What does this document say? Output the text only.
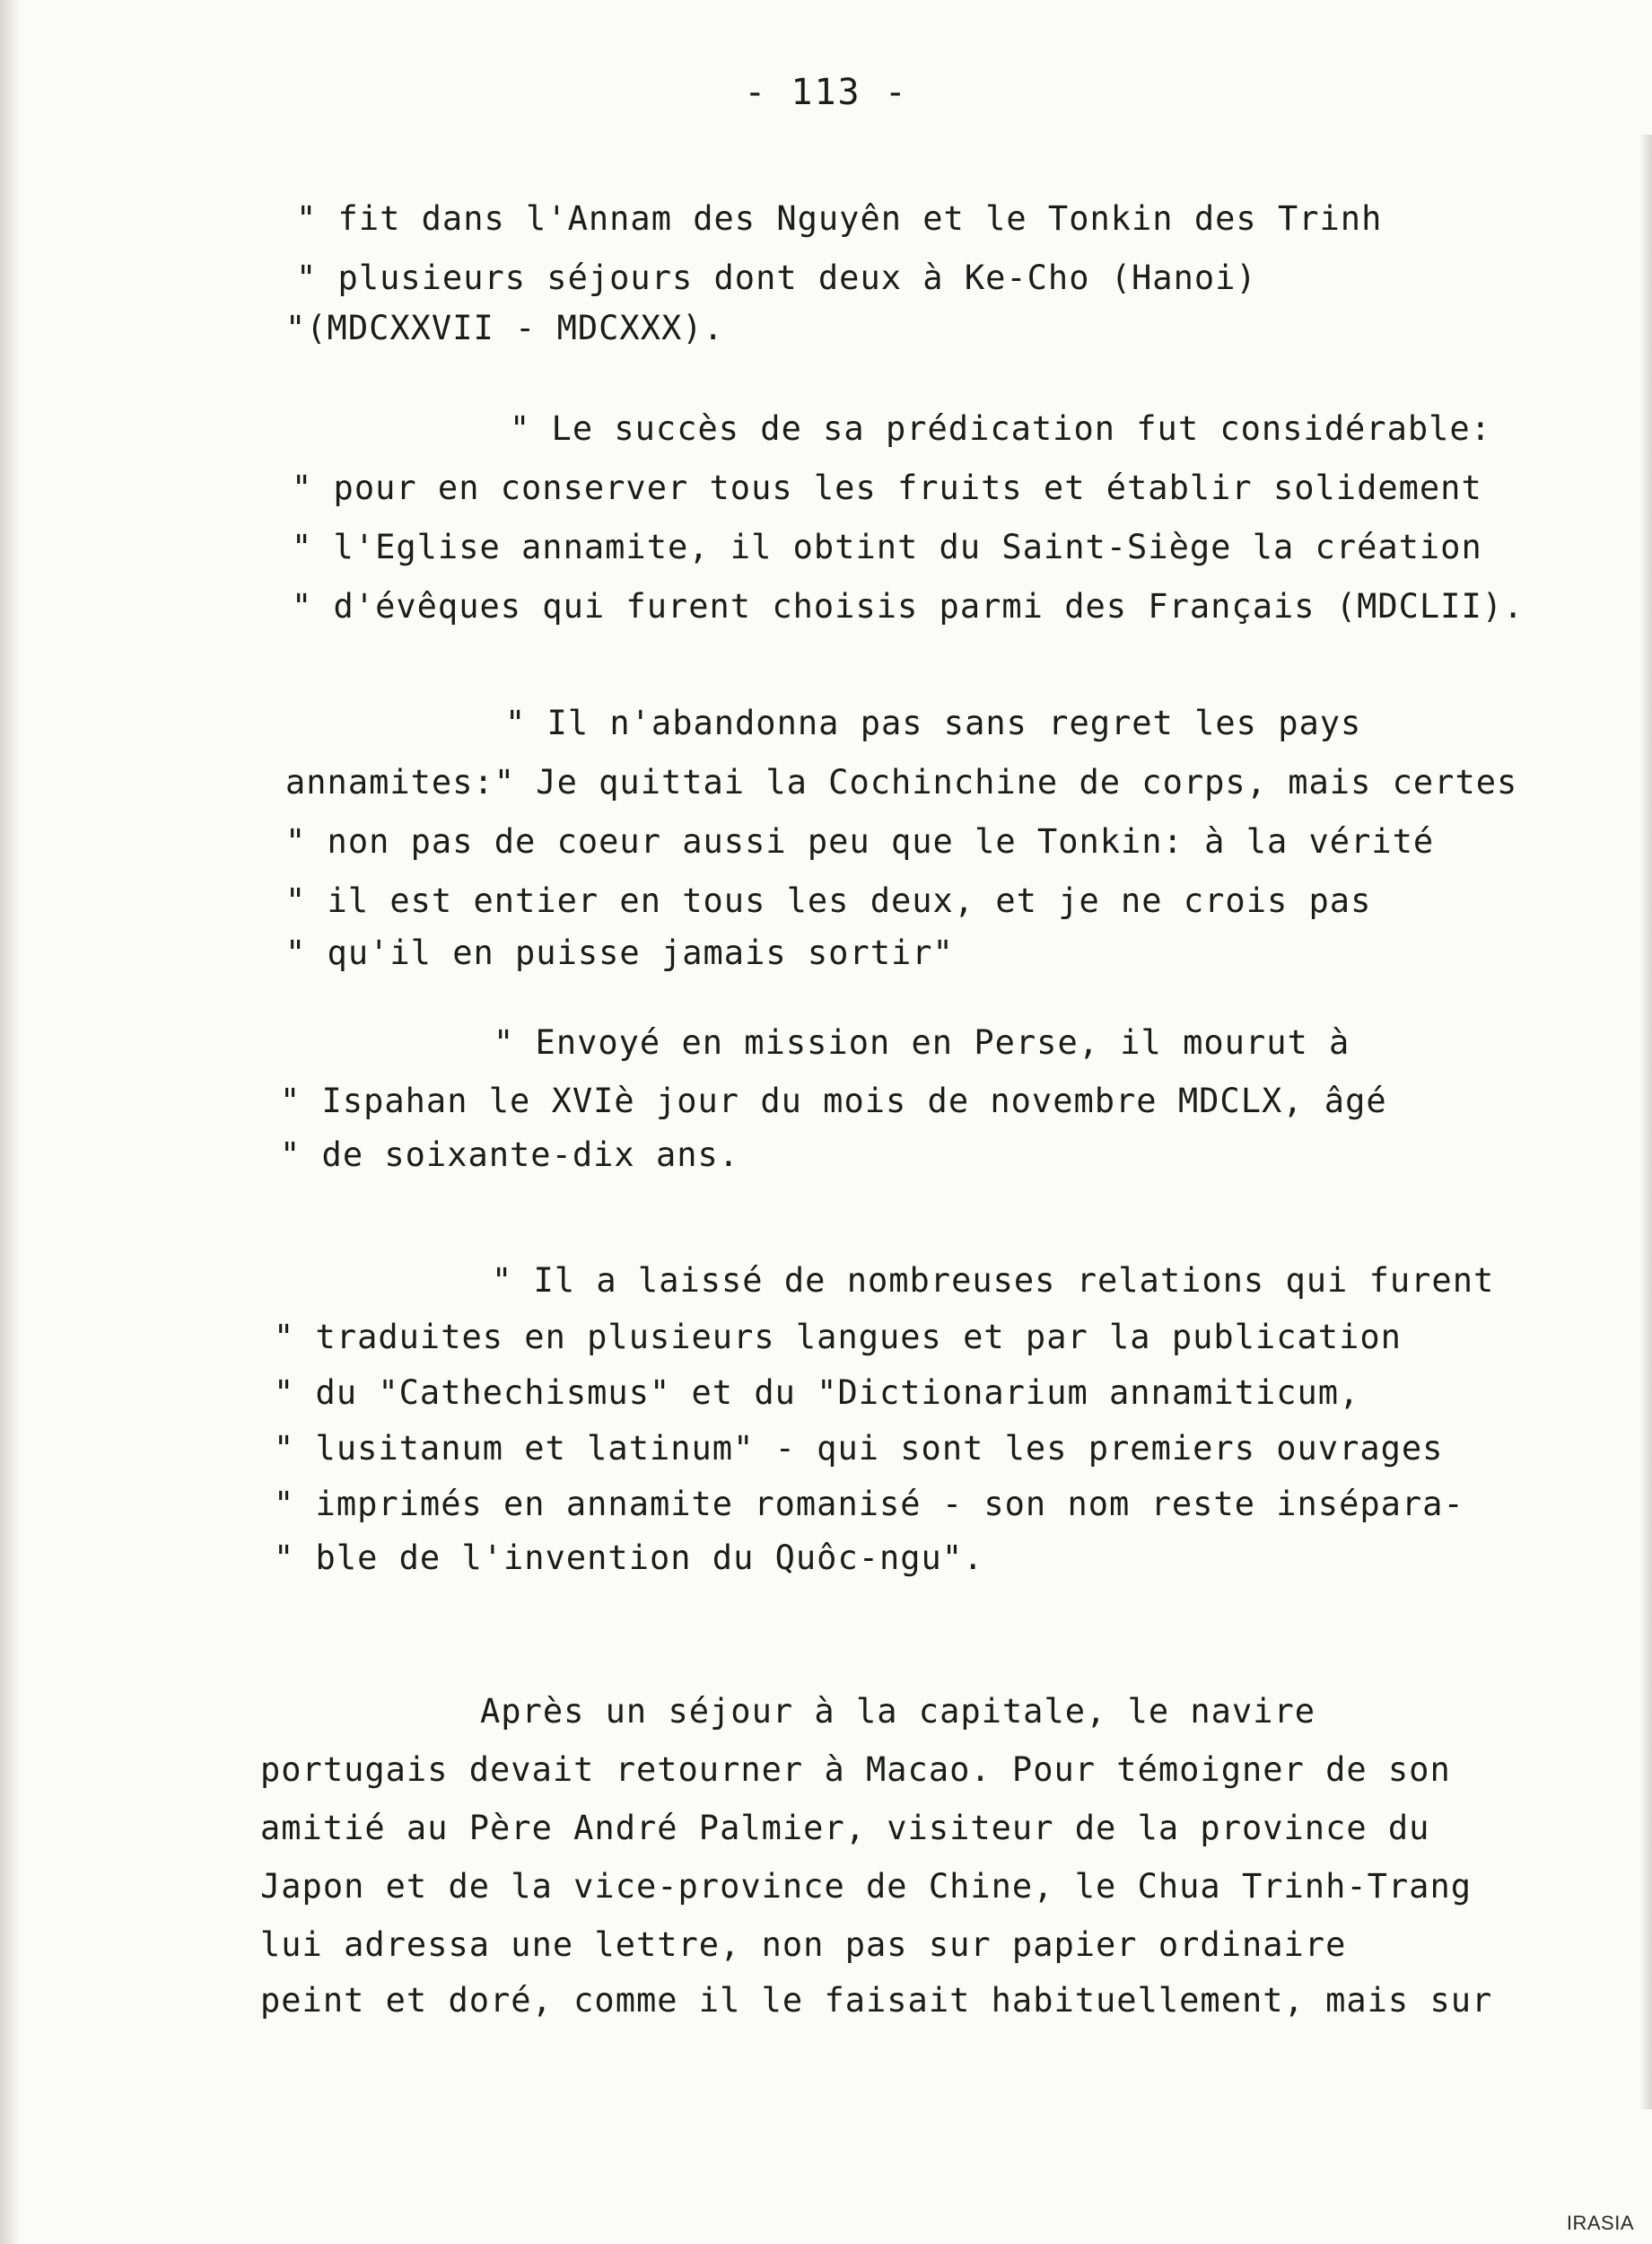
- 113 -
" fit dans l'Annam des Nguyên et le Tonkin des Trinh
" plusieurs séjours dont deux à Ke-Cho (Hanoi)
"(MDCXXVII - MDCXXX).
" Le succès de sa prédication fut considérable:
" pour en conserver tous les fruits et établir solidement
" l'Eglise annamite, il obtint du Saint-Siège la création
" d'évêques qui furent choisis parmi des Français (MDCLII).
" Il n'abandonna pas sans regret les pays
annamites:" Je quittai la Cochinchine de corps, mais certes
" non pas de coeur aussi peu que le Tonkin: à la vérité
" il est entier en tous les deux, et je ne crois pas
" qu'il en puisse jamais sortir"
" Envoyé en mission en Perse, il mourut à
" Ispahan le XVIè jour du mois de novembre MDCLX, âgé
" de soixante-dix ans.
" Il a laissé de nombreuses relations qui furent
" traduites en plusieurs langues et par la publication
" du "Cathechismus" et du "Dictionarium annamiticum,
" lusitanum et latinum" - qui sont les premiers ouvrages
" imprimés en annamite romanisé - son nom reste insépara-
" ble de l'invention du Quôc-ngu".
Après un séjour à la capitale, le navire
portugais devait retourner à Macao. Pour témoigner de son
amitié au Père André Palmier, visiteur de la province du
Japon et de la vice-province de Chine, le Chua Trinh-Trang
lui adressa une lettre, non pas sur papier ordinaire
peint et doré, comme il le faisait habituellement, mais sur
IRASIA
